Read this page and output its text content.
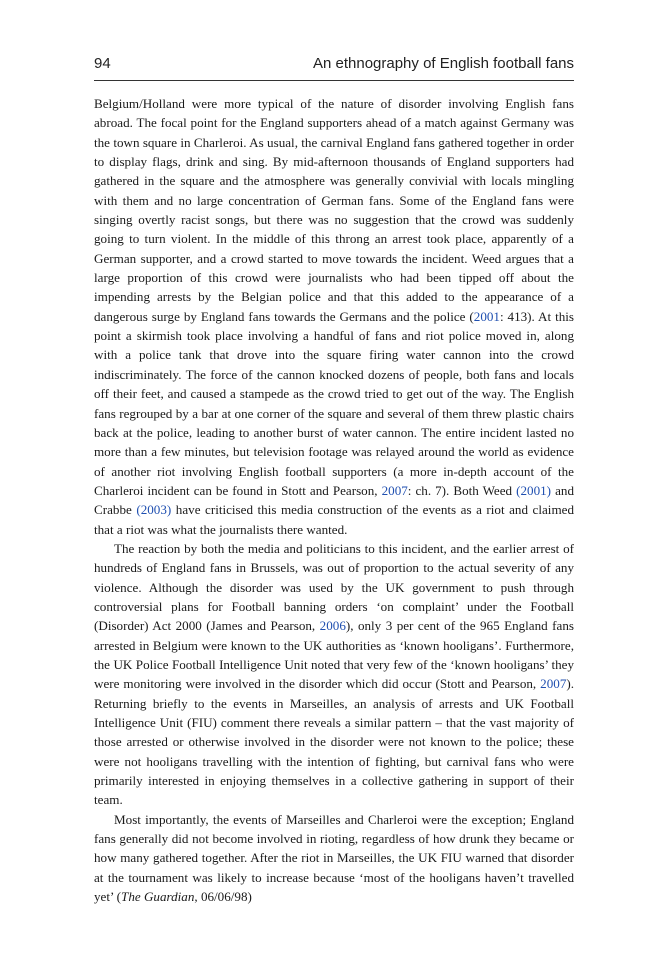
94	An ethnography of English football fans

Belgium/Holland were more typical of the nature of disorder involving English fans abroad. The focal point for the England supporters ahead of a match against Germany was the town square in Charleroi. As usual, the carnival England fans gathered together in order to display flags, drink and sing. By mid-afternoon thousands of England supporters had gathered in the square and the atmosphere was generally convivial with locals mingling with them and no large concentration of German fans. Some of the England fans were singing overtly racist songs, but there was no suggestion that the crowd was suddenly going to turn violent. In the middle of this throng an arrest took place, apparently of a German supporter, and a crowd started to move towards the incident. Weed argues that a large proportion of this crowd were journalists who had been tipped off about the impending arrests by the Belgian police and that this added to the appearance of a dangerous surge by England fans towards the Germans and the police (2001: 413). At this point a skirmish took place involving a handful of fans and riot police moved in, along with a police tank that drove into the square firing water cannon into the crowd indiscriminately. The force of the cannon knocked dozens of people, both fans and locals off their feet, and caused a stampede as the crowd tried to get out of the way. The English fans regrouped by a bar at one corner of the square and several of them threw plastic chairs back at the police, leading to another burst of water cannon. The entire incident lasted no more than a few minutes, but television footage was relayed around the world as evidence of another riot involving English football supporters (a more in-depth account of the Charleroi incident can be found in Stott and Pearson, 2007: ch. 7). Both Weed (2001) and Crabbe (2003) have criticised this media construction of the events as a riot and claimed that a riot was what the journalists there wanted.

The reaction by both the media and politicians to this incident, and the earlier arrest of hundreds of England fans in Brussels, was out of proportion to the actual severity of any violence. Although the disorder was used by the UK government to push through controversial plans for Football banning orders ‘on complaint’ under the Football (Disorder) Act 2000 (James and Pearson, 2006), only 3 per cent of the 965 England fans arrested in Belgium were known to the UK authorities as ‘known hooligans’. Furthermore, the UK Police Football Intelligence Unit noted that very few of the ‘known hooligans’ they were monitoring were involved in the disorder which did occur (Stott and Pearson, 2007). Returning briefly to the events in Marseilles, an analysis of arrests and UK Football Intelligence Unit (FIU) comment there reveals a similar pattern – that the vast majority of those arrested or otherwise involved in the disorder were not known to the police; these were not hooligans travelling with the intention of fighting, but carnival fans who were primarily interested in enjoying themselves in a collective gathering in support of their team.

Most importantly, the events of Marseilles and Charleroi were the exception; England fans generally did not become involved in rioting, regardless of how drunk they became or how many gathered together. After the riot in Marseilles, the UK FIU warned that disorder at the tournament was likely to increase because ‘most of the hooligans haven’t travelled yet’ (The Guardian, 06/06/98)
